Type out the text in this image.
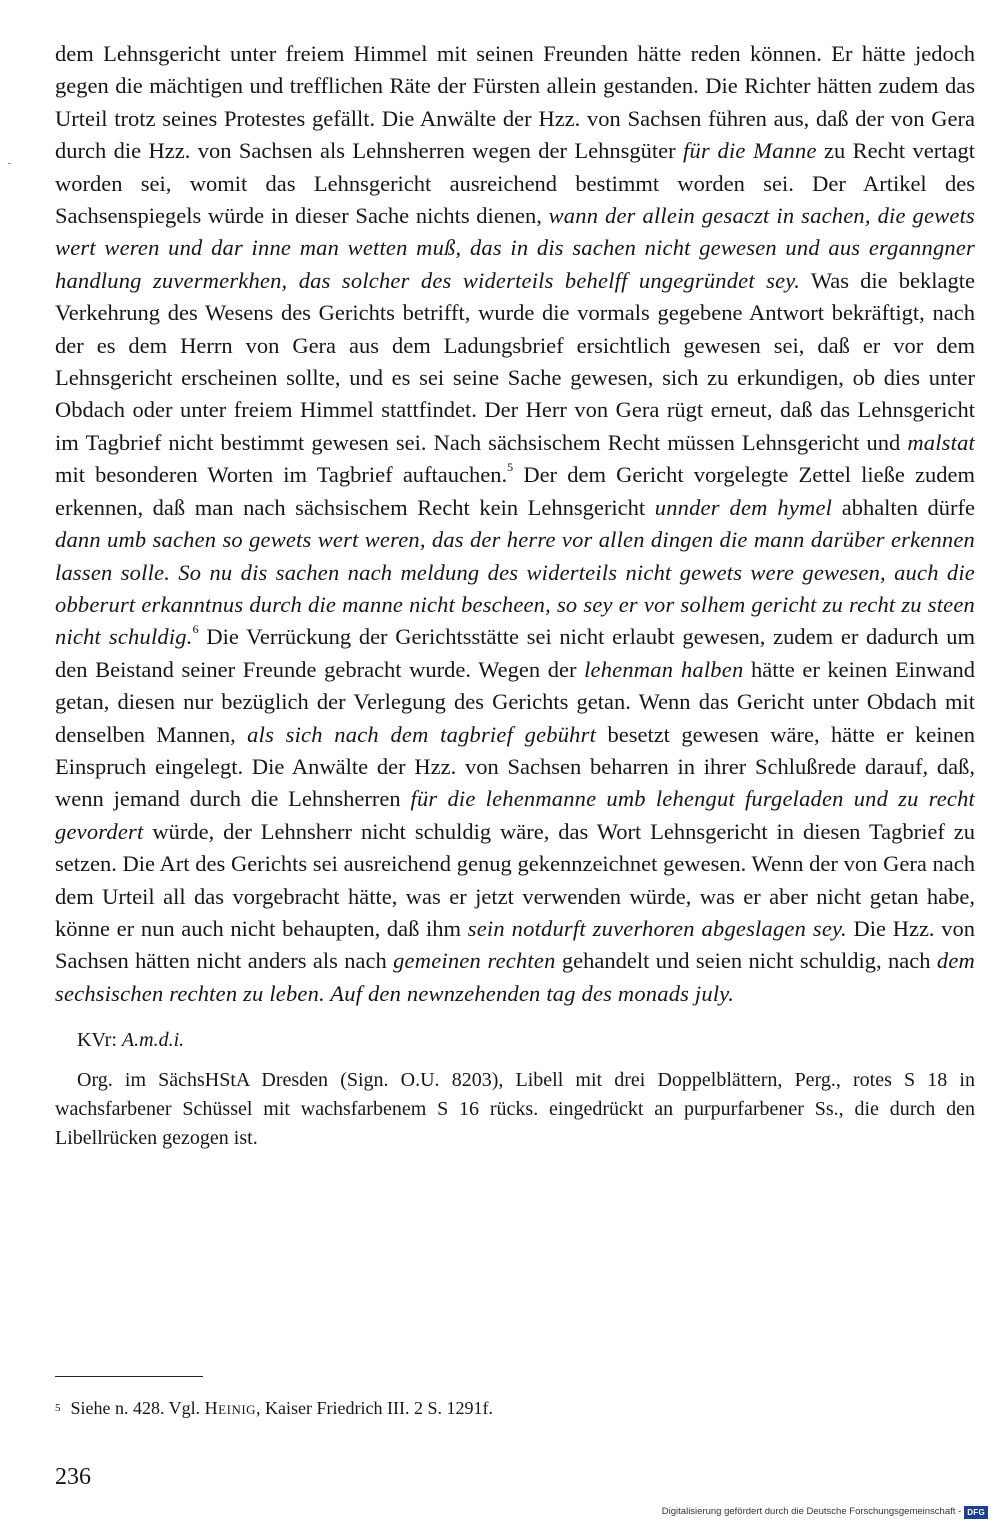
dem Lehnsgericht unter freiem Himmel mit seinen Freunden hätte reden können. Er hätte jedoch gegen die mächtigen und trefflichen Räte der Fürsten allein gestanden. Die Richter hätten zudem das Urteil trotz seines Protestes gefällt. Die Anwälte der Hzz. von Sachsen führen aus, daß der von Gera durch die Hzz. von Sachsen als Lehnsherren wegen der Lehnsgüter für die Manne zu Recht vertagt worden sei, womit das Lehnsgericht ausreichend bestimmt worden sei. Der Artikel des Sachsenspiegels würde in dieser Sache nichts dienen, wann der allein gesaczt in sachen, die gewets wert weren und dar inne man wetten muß, das in dis sachen nicht gewesen und aus erganngner handlung zuvermerkhen, das solcher des widerteils behelff ungegründet sey. Was die beklagte Verkehrung des Wesens des Gerichts betrifft, wurde die vormals gegebene Antwort bekräftigt, nach der es dem Herrn von Gera aus dem Ladungsbrief ersichtlich gewesen sei, daß er vor dem Lehnsgericht erscheinen sollte, und es sei seine Sache gewesen, sich zu erkundigen, ob dies unter Obdach oder unter freiem Himmel stattfindet. Der Herr von Gera rügt erneut, daß das Lehnsgericht im Tagbrief nicht bestimmt gewesen sei. Nach sächsischem Recht müssen Lehnsgericht und malstat mit besonderen Worten im Tagbrief auftauchen.$^5$ Der dem Gericht vorgelegte Zettel ließe zudem erkennen, daß man nach sächsischem Recht kein Lehnsgericht unnder dem hymel abhalten dürfe dann umb sachen so gewets wert weren, das der herre vor allen dingen die mann darüber erkennen lassen solle. So nu dis sachen nach meldung des widerteils nicht gewets were gewesen, auch die obberurt erkanntnus durch die manne nicht bescheen, so sey er vor solhem gericht zu recht zu steen nicht schuldig.$^6$ Die Verrückung der Gerichtsstätte sei nicht erlaubt gewesen, zudem er dadurch um den Beistand seiner Freunde gebracht wurde. Wegen der lehenman halben hätte er keinen Einwand getan, diesen nur bezüglich der Verlegung des Gerichts getan. Wenn das Gericht unter Obdach mit denselben Mannen, als sich nach dem tagbrief gebührt besetzt gewesen wäre, hätte er keinen Einspruch eingelegt. Die Anwälte der Hzz. von Sachsen beharren in ihrer Schlußrede darauf, daß, wenn jemand durch die Lehnsherren für die lehenmanne umb lehengut furgeladen und zu recht gevordert würde, der Lehnsherr nicht schuldig wäre, das Wort Lehnsgericht in diesen Tagbrief zu setzen. Die Art des Gerichts sei ausreichend genug gekennzeichnet gewesen. Wenn der von Gera nach dem Urteil all das vorgebracht hätte, was er jetzt verwenden würde, was er aber nicht getan habe, könne er nun auch nicht behaupten, daß ihm sein notdurft zuverhoren abgeslagen sey. Die Hzz. von Sachsen hätten nicht anders als nach gemeinen rechten gehandelt und seien nicht schuldig, nach dem sechsischen rechten zu leben. Auf den newnzehenden tag des monads july.

KVr: A.m.d.i.

Org. im SächsHStA Dresden (Sign. O.U. 8203), Libell mit drei Doppelblättern, Perg., rotes S 18 in wachsfarbener Schüssel mit wachsfarbenem S 16 rücks. eingedrückt an purpurfarbener Ss., die durch den Libellrücken gezogen ist.

$^5$ Siehe n. 428. Vgl. Heinig, Kaiser Friedrich III. 2 S. 1291f.
236
Digitalisierung gefördert durch die Deutsche Forschungsgemeinschaft - DFG
